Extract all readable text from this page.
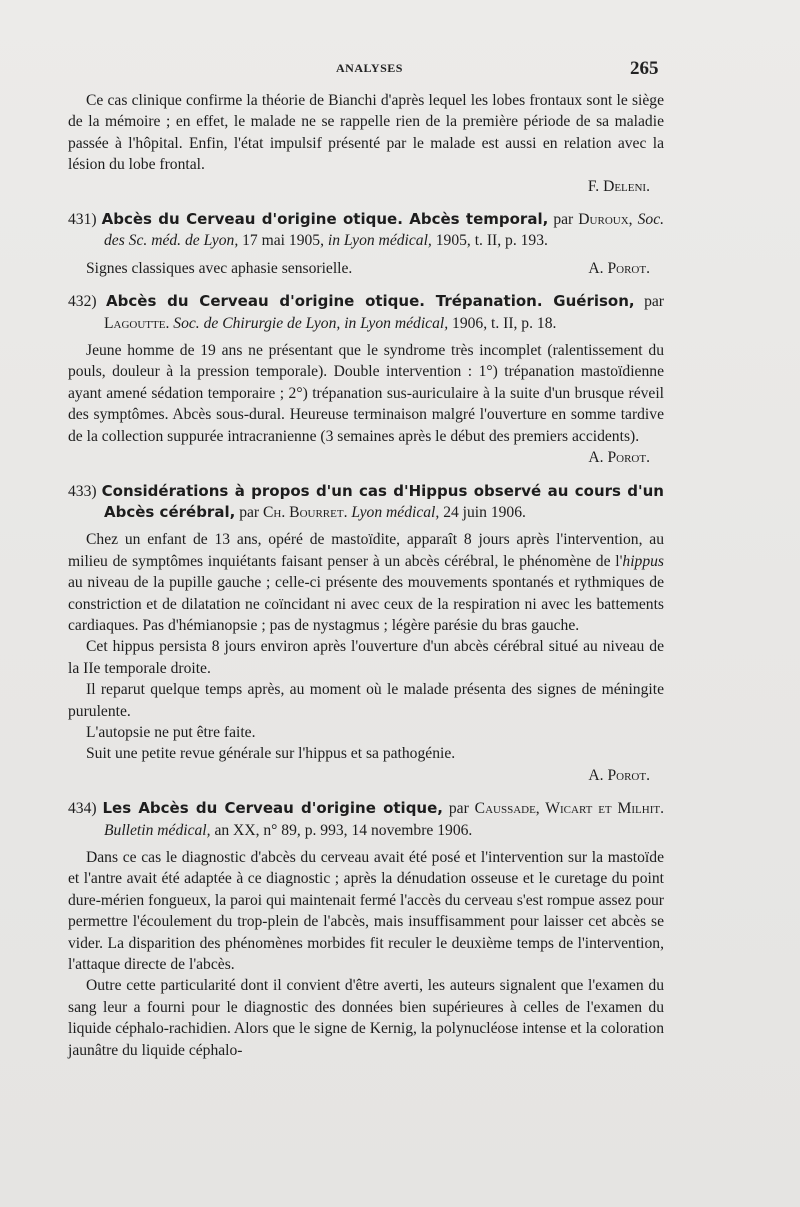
ANALYSES	265

Ce cas clinique confirme la théorie de Bianchi d'après lequel les lobes frontaux sont le siège de la mémoire ; en effet, le malade ne se rappelle rien de la première période de sa maladie passée à l'hôpital. Enfin, l'état impulsif présenté par le malade est aussi en relation avec la lésion du lobe frontal.

F. Deleni.

431) Abcès du Cerveau d'origine otique. Abcès temporal, par Duroux, Soc. des Sc. méd. de Lyon, 17 mai 1905, in Lyon médical, 1905, t. II, p. 193.

Signes classiques avec aphasie sensorielle.	A. Porot.

432) Abcès du Cerveau d'origine otique. Trépanation. Guérison, par Lagoutte. Soc. de Chirurgie de Lyon, in Lyon médical, 1906, t. II, p. 18.

Jeune homme de 19 ans ne présentant que le syndrome très incomplet (ralentissement du pouls, douleur à la pression temporale). Double intervention : 1°) trépanation mastoïdienne ayant amené sédation temporaire ; 2°) trépanation sus-auriculaire à la suite d'un brusque réveil des symptômes. Abcès sous-dural. Heureuse terminaison malgré l'ouverture en somme tardive de la collection suppurée intracranienne (3 semaines après le début des premiers accidents).

A. Porot.

433) Considérations à propos d'un cas d'Hippus observé au cours d'un Abcès cérébral, par Ch. Bourret. Lyon médical, 24 juin 1906.

Chez un enfant de 13 ans, opéré de mastoïdite, apparaît 8 jours après l'intervention, au milieu de symptômes inquiétants faisant penser à un abcès cérébral, le phénomène de l'hippus au niveau de la pupille gauche ; celle-ci présente des mouvements spontanés et rythmiques de constriction et de dilatation ne coïncidant ni avec ceux de la respiration ni avec les battements cardiaques. Pas d'hémianopsie ; pas de nystagmus ; légère parésie du bras gauche.

Cet hippus persista 8 jours environ après l'ouverture d'un abcès cérébral situé au niveau de la IIe temporale droite.

Il reparut quelque temps après, au moment où le malade présenta des signes de méningite purulente.

L'autopsie ne put être faite.

Suit une petite revue générale sur l'hippus et sa pathogénie.

A. Porot.

434) Les Abcès du Cerveau d'origine otique, par Caussade, Wicart et Milhit. Bulletin médical, an XX, n° 89, p. 993, 14 novembre 1906.

Dans ce cas le diagnostic d'abcès du cerveau avait été posé et l'intervention sur la mastoïde et l'antre avait été adaptée à ce diagnostic ; après la dénudation osseuse et le curetage du point dure-mérien fongueux, la paroi qui maintenait fermé l'accès du cerveau s'est rompue assez pour permettre l'écoulement du trop-plein de l'abcès, mais insuffisamment pour laisser cet abcès se vider. La disparition des phénomènes morbides fit reculer le deuxième temps de l'intervention, l'attaque directe de l'abcès.

Outre cette particularité dont il convient d'être averti, les auteurs signalent que l'examen du sang leur a fourni pour le diagnostic des données bien supérieures à celles de l'examen du liquide céphalo-rachidien. Alors que le signe de Kernig, la polynucléose intense et la coloration jaunâtre du liquide céphalo-
